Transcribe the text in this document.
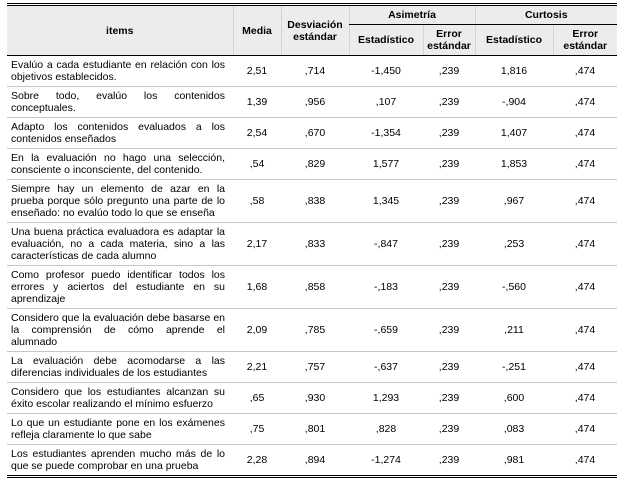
items	Media	Desviación estándar	Asimetría		Curtosis	
			Estadístico	Error estándar	Estadístico	Error estándar
Evalúo a cada estudiante en relación con los objetivos establecidos.	2,51	,714	-1,450	,239	1,816	,474
Sobre todo, evalúo los contenidos conceptuales.	1,39	,956	,107	,239	-,904	,474
Adapto los contenidos evaluados a los contenidos enseñados	2,54	,670	-1,354	,239	1,407	,474
En la evaluación no hago una selección, consciente o inconsciente, del contenido.	,54	,829	1,577	,239	1,853	,474
Siempre hay un elemento de azar en la prueba porque sólo pregunto una parte de lo enseñado: no evalúo todo lo que se enseña	,58	,838	1,345	,239	,967	,474
Una buena práctica evaluadora es adaptar la evaluación, no a cada materia, sino a las características de cada alumno	2,17	,833	-,847	,239	,253	,474
Como profesor puedo identificar todos los errores y aciertos del estudiante en su aprendizaje	1,68	,858	-,183	,239	-,560	,474
Considero que la evaluación debe basarse en la comprensión de cómo aprende el alumnado	2,09	,785	-,659	,239	,211	,474
La evaluación debe acomodarse a las diferencias individuales de los estudiantes	2,21	,757	-,637	,239	-,251	,474
Considero que los estudiantes alcanzan su éxito escolar realizando el mínimo esfuerzo	,65	,930	1,293	,239	,600	,474
Lo que un estudiante pone en los exámenes refleja claramente lo que sabe	,75	,801	,828	,239	,083	,474
Los estudiantes aprenden mucho más de lo que se puede comprobar en una prueba	2,28	,894	-1,274	,239	,981	,474
